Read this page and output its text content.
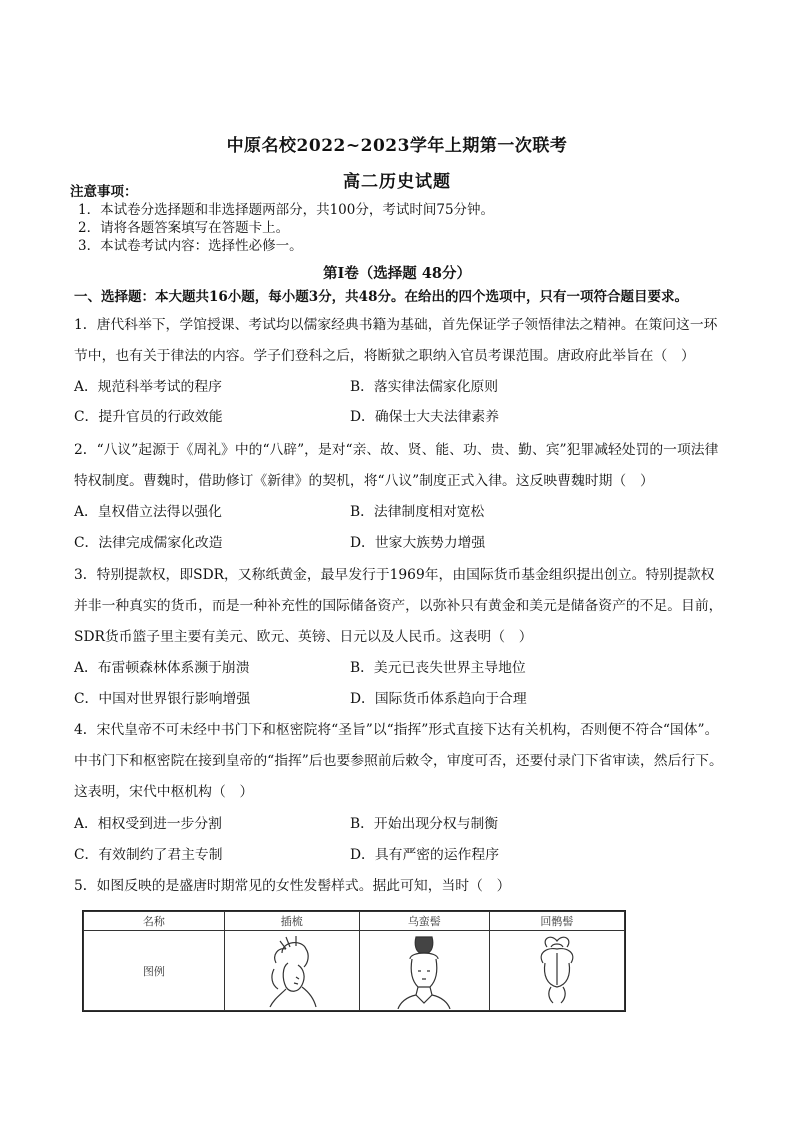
中原名校2022~2023学年上期第一次联考
高二历史试题
注意事项：
1．本试卷分选择题和非选择题两部分，共100分，考试时间75分钟。
2．请将各题答案填写在答题卡上。
3．本试卷考试内容：选择性必修一。
第I卷（选择题 48分）
一、选择题：本大题共16小题，每小题3分，共48分。在给出的四个选项中，只有一项符合题目要求。
1．唐代科举下，学馆授课、考试均以儒家经典书籍为基础，首先保证学子领悟律法之精神。在策问这一环
节中，也有关于律法的内容。学子们登科之后，将断狱之职纳入官员考课范围。唐政府此举旨在（　）
A．规范科举考试的程序	B．落实律法儒家化原则
C．提升官员的行政效能	D．确保士大夫法律素养
2．“八议”起源于《周礼》中的“八辟”，是对“亲、故、贤、能、功、贵、勤、宾”犯罪减轻处罚的一项法律
特权制度。曹魏时，借助修订《新律》的契机，将“八议”制度正式入律。这反映曹魏时期（　）
A．皇权借立法得以强化	B．法律制度相对宽松
C．法律完成儒家化改造	D．世家大族势力增强
3．特别提款权，即SDR，又称纸黄金，最早发行于1969年，由国际货币基金组织提出创立。特别提款权
并非一种真实的货币，而是一种补充性的国际储备资产，以弥补只有黄金和美元是储备资产的不足。目前，
SDR货币篮子里主要有美元、欧元、英镑、日元以及人民币。这表明（　）
A．布雷顿森林体系濒于崩溃	B．美元已丧失世界主导地位
C．中国对世界银行影响增强	D．国际货币体系趋向于合理
4．宋代皇帝不可未经中书门下和枢密院将“圣旨”以“指挥”形式直接下达有关机构，否则便不符合“国体”。
中书门下和枢密院在接到皇帝的“指挥”后也要参照前后敕令，审度可否，还要付录门下省审读，然后行下。
这表明，宋代中枢机构（　）
A．相权受到进一步分割	B．开始出现分权与制衡
C．有效制约了君主专制	D．具有严密的运作程序
5．如图反映的是盛唐时期常见的女性发髻样式。据此可知，当时（　）
名称	插梳	乌蛮髻	回鹘髻
图例	
